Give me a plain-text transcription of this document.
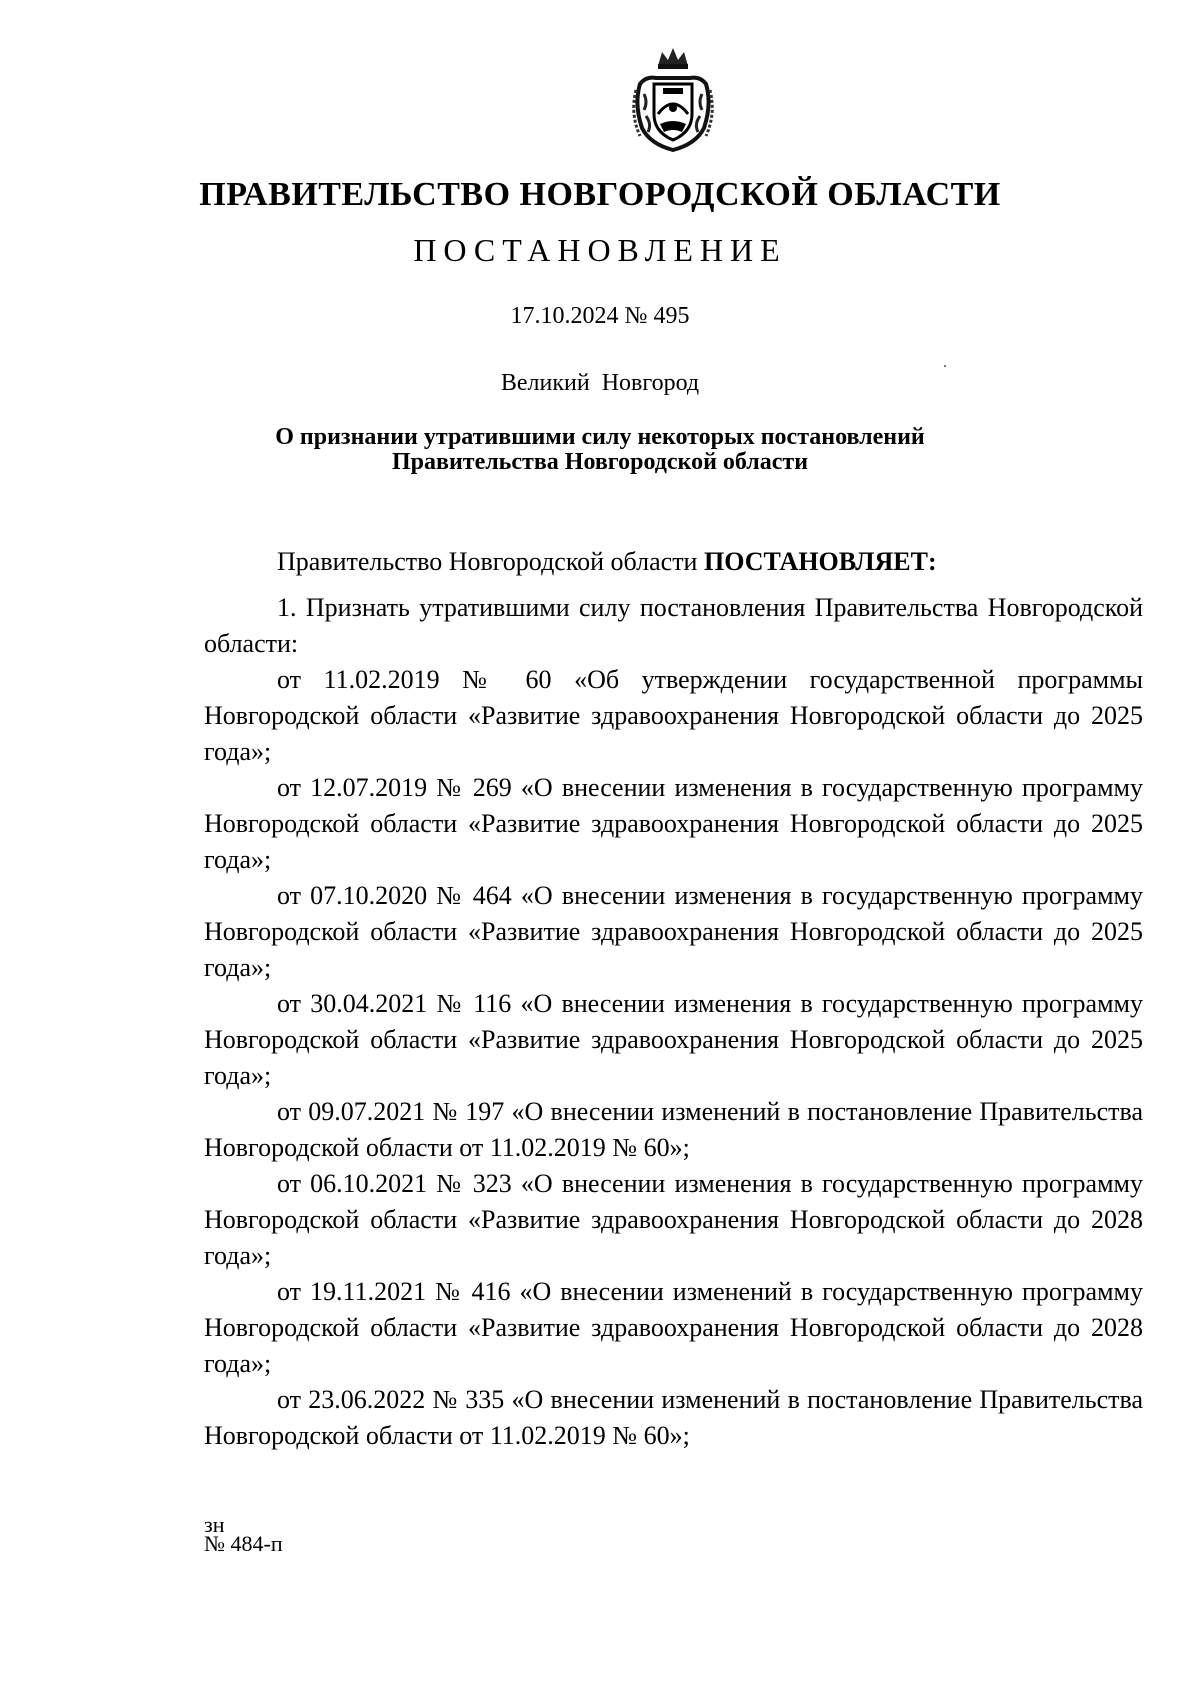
ПРАВИТЕЛЬСТВО НОВГОРОДСКОЙ ОБЛАСТИ
ПОСТАНОВЛЕНИЕ
17.10.2024 № 495
Великий Новгород
О признании утратившими силу некоторых постановлений
Правительства Новгородской области

Правительство Новгородской области ПОСТАНОВЛЯЕТ:

1. Признать утратившими силу постановления Правительства Новгородской области:

от 11.02.2019 № 60 «Об утверждении государственной программы Новгородской области «Развитие здравоохранения Новгородской области до 2025 года»;

от 12.07.2019 № 269 «О внесении изменения в государственную программу Новгородской области «Развитие здравоохранения Новгородской области до 2025 года»;

от 07.10.2020 № 464 «О внесении изменения в государственную программу Новгородской области «Развитие здравоохранения Новгородской области до 2025 года»;

от 30.04.2021 № 116 «О внесении изменения в государственную программу Новгородской области «Развитие здравоохранения Новгородской области до 2025 года»;

от 09.07.2021 № 197 «О внесении изменений в постановление Правительства Новгородской области от 11.02.2019 № 60»;

от 06.10.2021 № 323 «О внесении изменения в государственную программу Новгородской области «Развитие здравоохранения Новгородской области до 2028 года»;

от 19.11.2021 № 416 «О внесении изменений в государственную программу Новгородской области «Развитие здравоохранения Новгородской области до 2028 года»;

от 23.06.2022 № 335 «О внесении изменений в постановление Правительства Новгородской области от 11.02.2019 № 60»;

зн
№ 484-п
